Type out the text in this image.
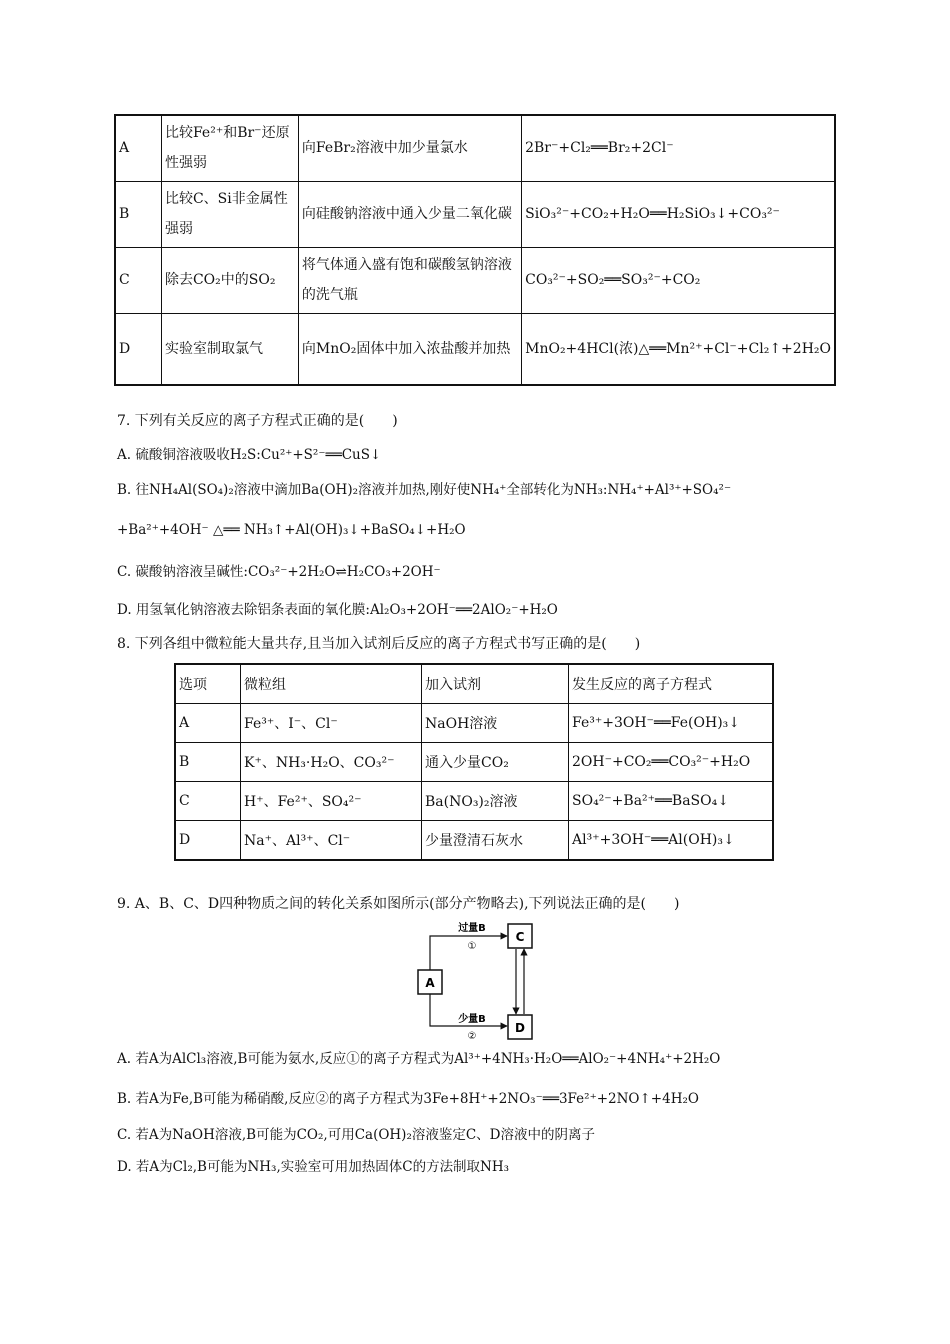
A	比较Fe²⁺和Br⁻还原性强弱	向FeBr₂溶液中加少量氯水	2Br⁻+Cl₂══Br₂+2Cl⁻
B	比较C、Si非金属性强弱	向硅酸钠溶液中通入少量二氧化碳	SiO₃²⁻+CO₂+H₂O══H₂SiO₃↓+CO₃²⁻
C	除去CO₂中的SO₂	将气体通入盛有饱和碳酸氢钠溶液的洗气瓶	CO₃²⁻+SO₂══SO₃²⁻+CO₂
D	实验室制取氯气	向MnO₂固体中加入浓盐酸并加热	MnO₂+4HCl(浓)△══Mn²⁺+Cl⁻+Cl₂↑+2H₂O
7. 下列有关反应的离子方程式正确的是(　　)
A. 硫酸铜溶液吸收H₂S:Cu²⁺+S²⁻══CuS↓
B. 往NH₄Al(SO₄)₂溶液中滴加Ba(OH)₂溶液并加热,刚好使NH₄⁺全部转化为NH₃:NH₄⁺+Al³⁺+SO₄²⁻
+Ba²⁺+4OH⁻ △══ NH₃↑+Al(OH)₃↓+BaSO₄↓+H₂O
C. 碳酸钠溶液呈碱性:CO₃²⁻+2H₂O⇌H₂CO₃+2OH⁻
D. 用氢氧化钠溶液去除铝条表面的氧化膜:Al₂O₃+2OH⁻══2AlO₂⁻+H₂O
8. 下列各组中微粒能大量共存,且当加入试剂后反应的离子方程式书写正确的是(　　)
选项	微粒组	加入试剂	发生反应的离子方程式
A	Fe³⁺、I⁻、Cl⁻	NaOH溶液	Fe³⁺+3OH⁻══Fe(OH)₃↓
B	K⁺、NH₃·H₂O、CO₃²⁻	通入少量CO₂	2OH⁻+CO₂══CO₃²⁻+H₂O
C	H⁺、Fe²⁺、SO₄²⁻	Ba(NO₃)₂溶液	SO₄²⁻+Ba²⁺══BaSO₄↓
D	Na⁺、Al³⁺、Cl⁻	少量澄清石灰水	Al³⁺+3OH⁻══Al(OH)₃↓
9. A、B、C、D四种物质之间的转化关系如图所示(部分产物略去),下列说法正确的是(　　)
A
C
D
过量B
①
少量B
②
A. 若A为AlCl₃溶液,B可能为氨水,反应①的离子方程式为Al³⁺+4NH₃·H₂O══AlO₂⁻+4NH₄⁺+2H₂O
B. 若A为Fe,B可能为稀硝酸,反应②的离子方程式为3Fe+8H⁺+2NO₃⁻══3Fe²⁺+2NO↑+4H₂O
C. 若A为NaOH溶液,B可能为CO₂,可用Ca(OH)₂溶液鉴定C、D溶液中的阴离子
D. 若A为Cl₂,B可能为NH₃,实验室可用加热固体C的方法制取NH₃
